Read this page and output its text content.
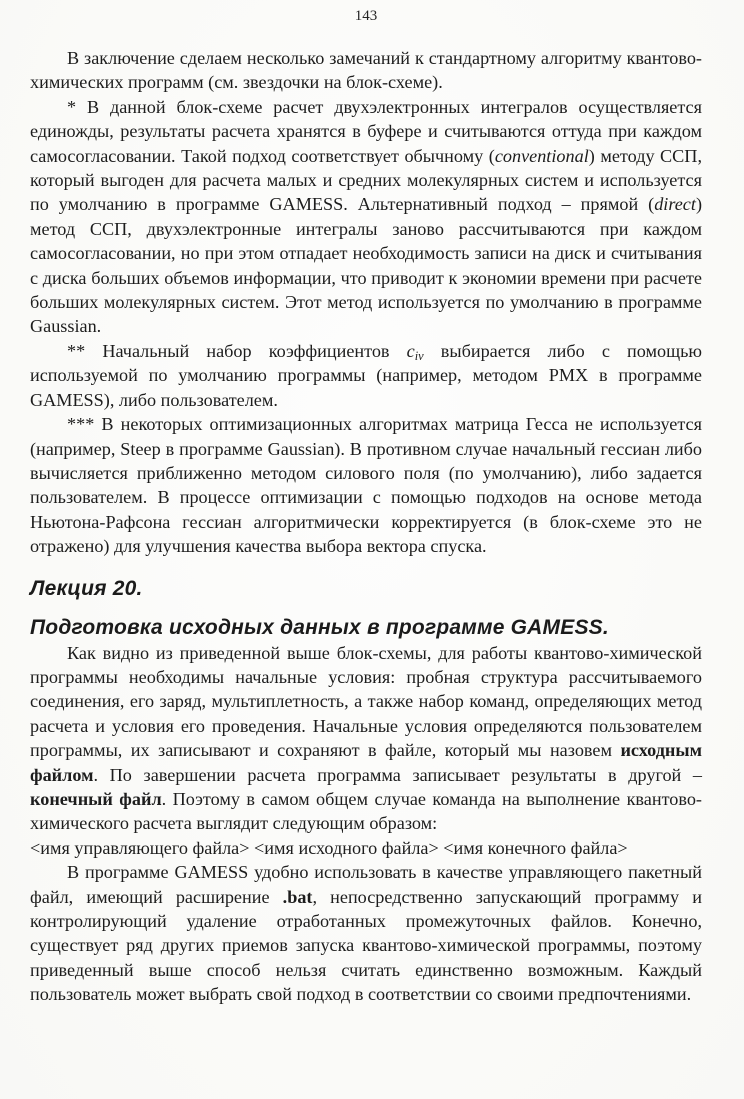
143

В заключение сделаем несколько замечаний к стандартному алгоритму квантово-химических программ (см. звездочки на блок-схеме).

* В данной блок-схеме расчет двухэлектронных интегралов осуществляется единожды, результаты расчета хранятся в буфере и считываются оттуда при каждом самосогласовании. Такой подход соответствует обычному (conventional) методу ССП, который выгоден для расчета малых и средних молекулярных систем и используется по умолчанию в программе GAMESS. Альтернативный подход – прямой (direct) метод ССП, двухэлектронные интегралы заново рассчитываются при каждом самосогласовании, но при этом отпадает необходимость записи на диск и считывания с диска больших объемов информации, что приводит к экономии времени при расчете больших молекулярных систем. Этот метод используется по умолчанию в программе Gaussian.

** Начальный набор коэффициентов $c_{i\nu}$ выбирается либо с помощью используемой по умолчанию программы (например, методом РМХ в программе GAMESS), либо пользователем.

*** В некоторых оптимизационных алгоритмах матрица Гесса не используется (например, Steep в программе Gaussian). В противном случае начальный гессиан либо вычисляется приближенно методом силового поля (по умолчанию), либо задается пользователем. В процессе оптимизации с помощью подходов на основе метода Ньютона-Рафсона гессиан алгоритмически корректируется (в блок-схеме это не отражено) для улучшения качества выбора вектора спуска.

Лекция 20.
Подготовка исходных данных в программе GAMESS.

Как видно из приведенной выше блок-схемы, для работы квантово-химической программы необходимы начальные условия: пробная структура рассчитываемого соединения, его заряд, мультиплетность, а также набор команд, определяющих метод расчета и условия его проведения. Начальные условия определяются пользователем программы, их записывают и сохраняют в файле, который мы назовем исходным файлом. По завершении расчета программа записывает результаты в другой – конечный файл. Поэтому в самом общем случае команда на выполнение квантово-химического расчета выглядит следующим образом:

<имя управляющего файла> <имя исходного файла> <имя конечного файла>

В программе GAMESS удобно использовать в качестве управляющего пакетный файл, имеющий расширение .bat, непосредственно запускающий программу и контролирующий удаление отработанных промежуточных файлов. Конечно, существует ряд других приемов запуска квантово-химической программы, поэтому приведенный выше способ нельзя считать единственно возможным. Каждый пользователь может выбрать свой подход в соответствии со своими предпочтениями.
